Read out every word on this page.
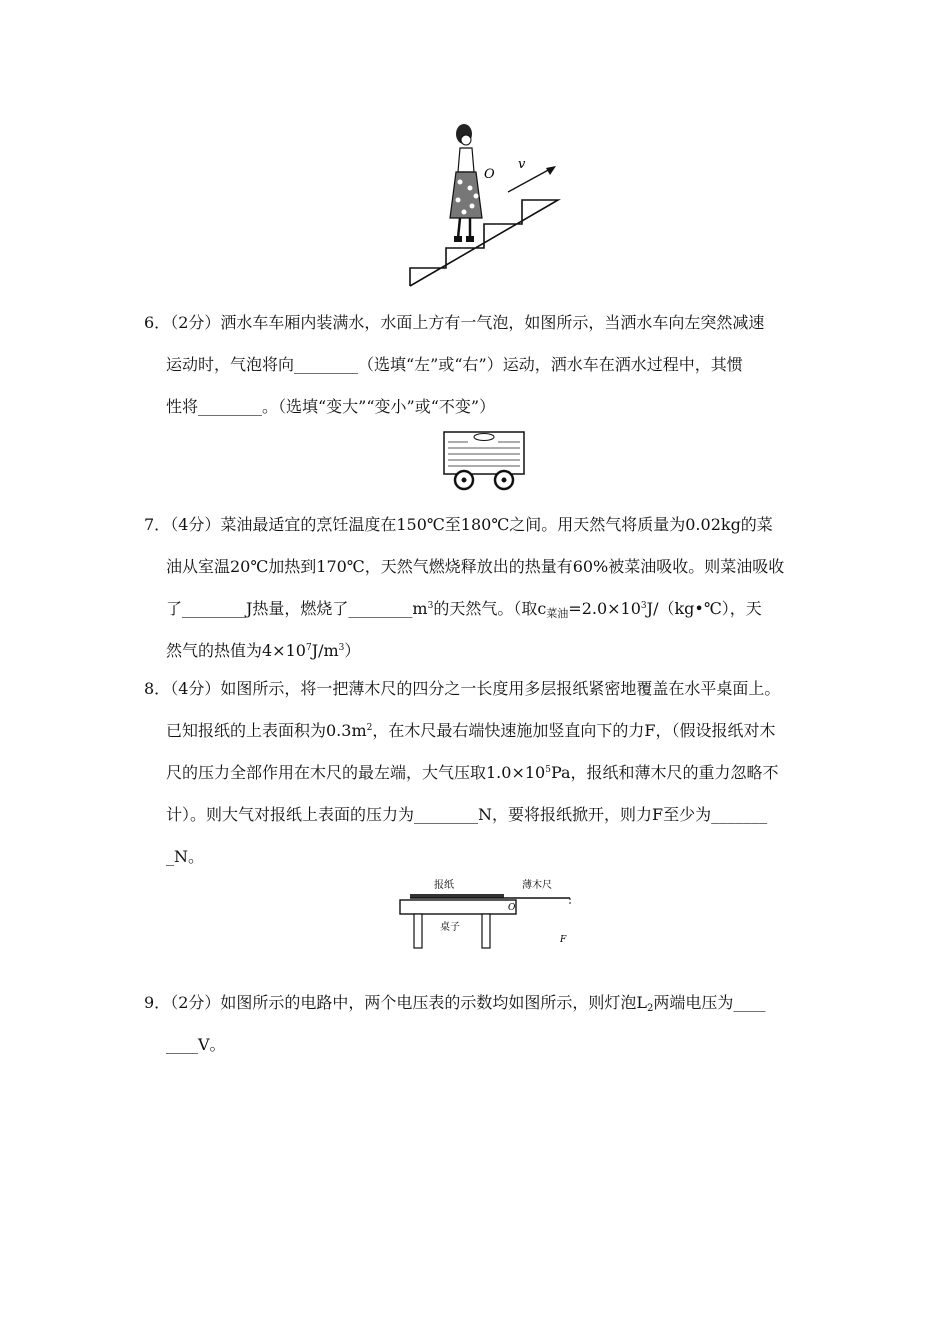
O
v
6．（2分）洒水车车厢内装满水，水面上方有一气泡，如图所示，当洒水车向左突然减速
运动时，气泡将向________（选填“左”或“右”）运动，洒水车在洒水过程中，其惯
性将________。（选填“变大”“变小”或“不变”）
7．（4分）菜油最适宜的烹饪温度在150℃至180℃之间。用天然气将质量为0.02kg的菜
油从室温20℃加热到170℃，天然气燃烧释放出的热量有60%被菜油吸收。则菜油吸收
了________J热量，燃烧了$\_\_\_\_\_\_\_\_m^3$的天然气。（取$c_{菜油}=2.0\times 10^3J/(kg•℃)$，天
然气的热值为$4\times 10^7J/m^3$）
8．（4分）如图所示，将一把薄木尺的四分之一长度用多层报纸紧密地覆盖在水平桌面上。
已知报纸的上表面积为$0.3m^2$，在木尺最右端快速施加竖直向下的力F，（假设报纸对木
尺的压力全部作用在木尺的最左端，大气压取$1.0\times 10^5Pa$，报纸和薄木尺的重力忽略不
计）。则大气对报纸上表面的压力为________N，要将报纸掀开，则力F至少为_______
_N。
报纸	薄木尺
O
桌子
F
9．（2分）如图所示的电路中，两个电压表的示数均如图所示，则灯泡$L_2$两端电压为____
____V。
